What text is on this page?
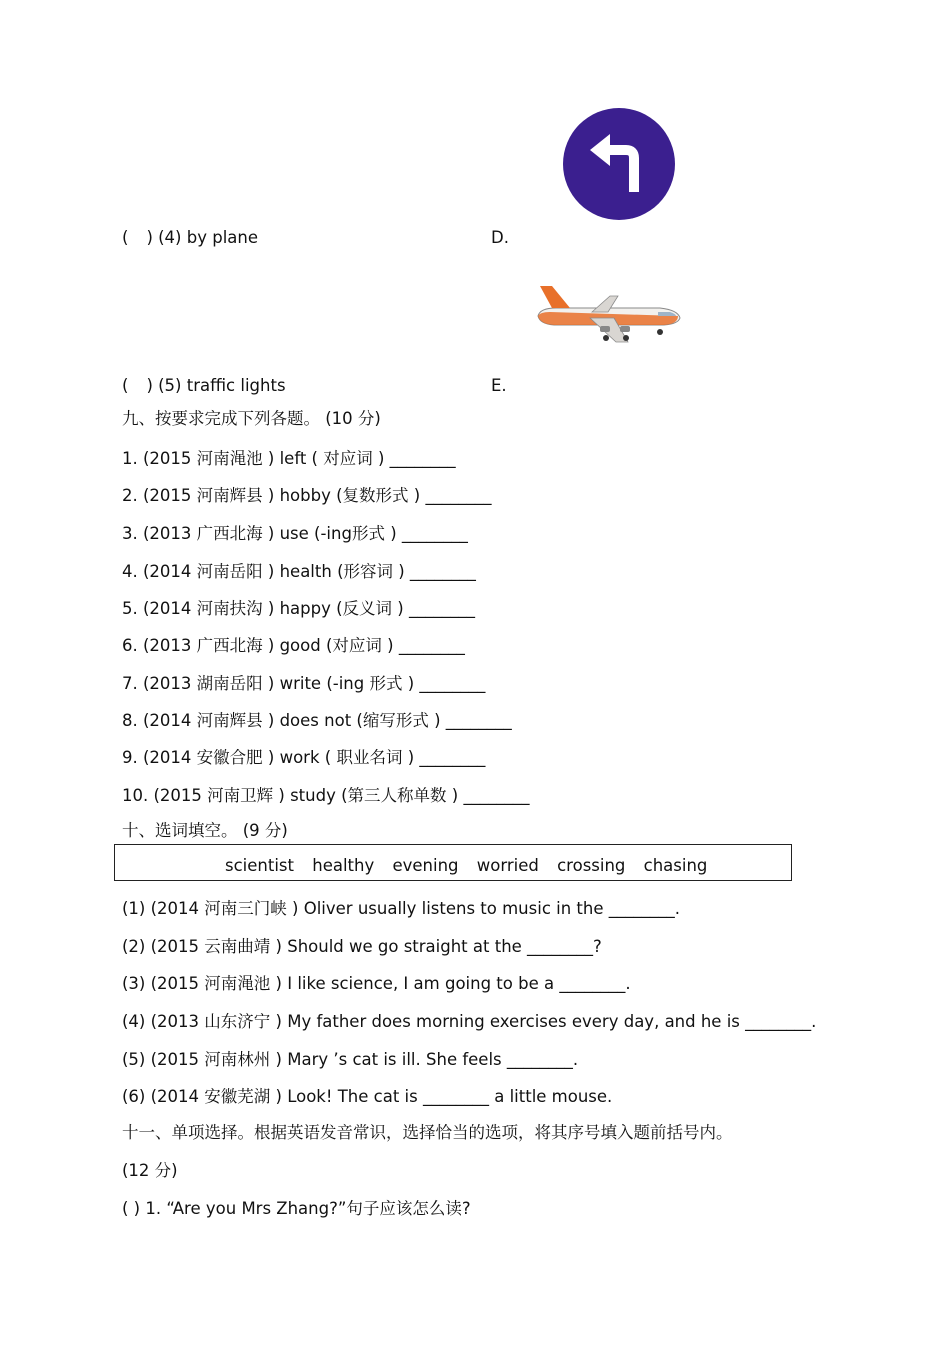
( ) (4) by plane	D.
( ) (5) traffic lights	E.
九、按要求完成下列各题。 (10 分)
1. (2015 河南渑池 ) left ( 对应词 ) ________
2. (2015 河南辉县 ) hobby (复数形式 ) ________
3. (2013 广西北海 ) use (-ing形式 ) ________
4. (2014 河南岳阳 ) health (形容词 ) ________
5. (2014 河南扶沟 ) happy (反义词 ) ________
6. (2013 广西北海 ) good (对应词 ) ________
7. (2013 湖南岳阳 ) write (-ing 形式 ) ________
8. (2014 河南辉县 ) does not (缩写形式 ) ________
9. (2014 安徽合肥 ) work ( 职业名词 ) ________
10. (2015 河南卫辉 ) study (第三人称单数 ) ________
十、选词填空。 (9 分)
scientist healthy evening worried crossing chasing
(1) (2014 河南三门峡 ) Oliver usually listens to music in the ________.
(2) (2015 云南曲靖 ) Should we go straight at the ________?
(3) (2015 河南渑池 ) I like science, I am going to be a ________.
(4) (2013 山东济宁 ) My father does morning exercises every day, and he is ________.
(5) (2015 河南林州 ) Mary ’s cat is ill. She feels ________.
(6) (2014 安徽芜湖 ) Look! The cat is ________ a little mouse.
十一、单项选择。根据英语发音常识，选择恰当的选项，将其序号填入题前括号内。
(12 分)
( ) 1. “Are you Mrs Zhang?”句子应该怎么读?
